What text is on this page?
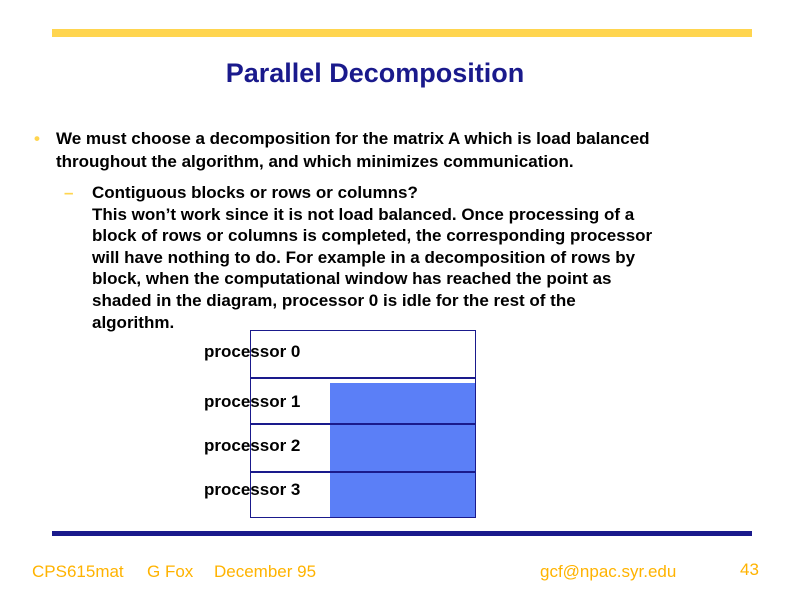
Parallel Decomposition
• We must choose a decomposition for the matrix A which is load balanced
throughout the algorithm, and which minimizes communication.
– Contiguous blocks or rows or columns?
This won’t work since it is not load balanced. Once processing of a
block of rows or columns is completed, the corresponding processor
will have nothing to do. For example in a decomposition of rows by
block, when the computational window has reached the point as
shaded in the diagram, processor 0 is idle for the rest of the
algorithm.
processor 0
processor 1
processor 2
processor 3
CPS615mat G Fox December 95	gcf@npac.syr.edu	43
